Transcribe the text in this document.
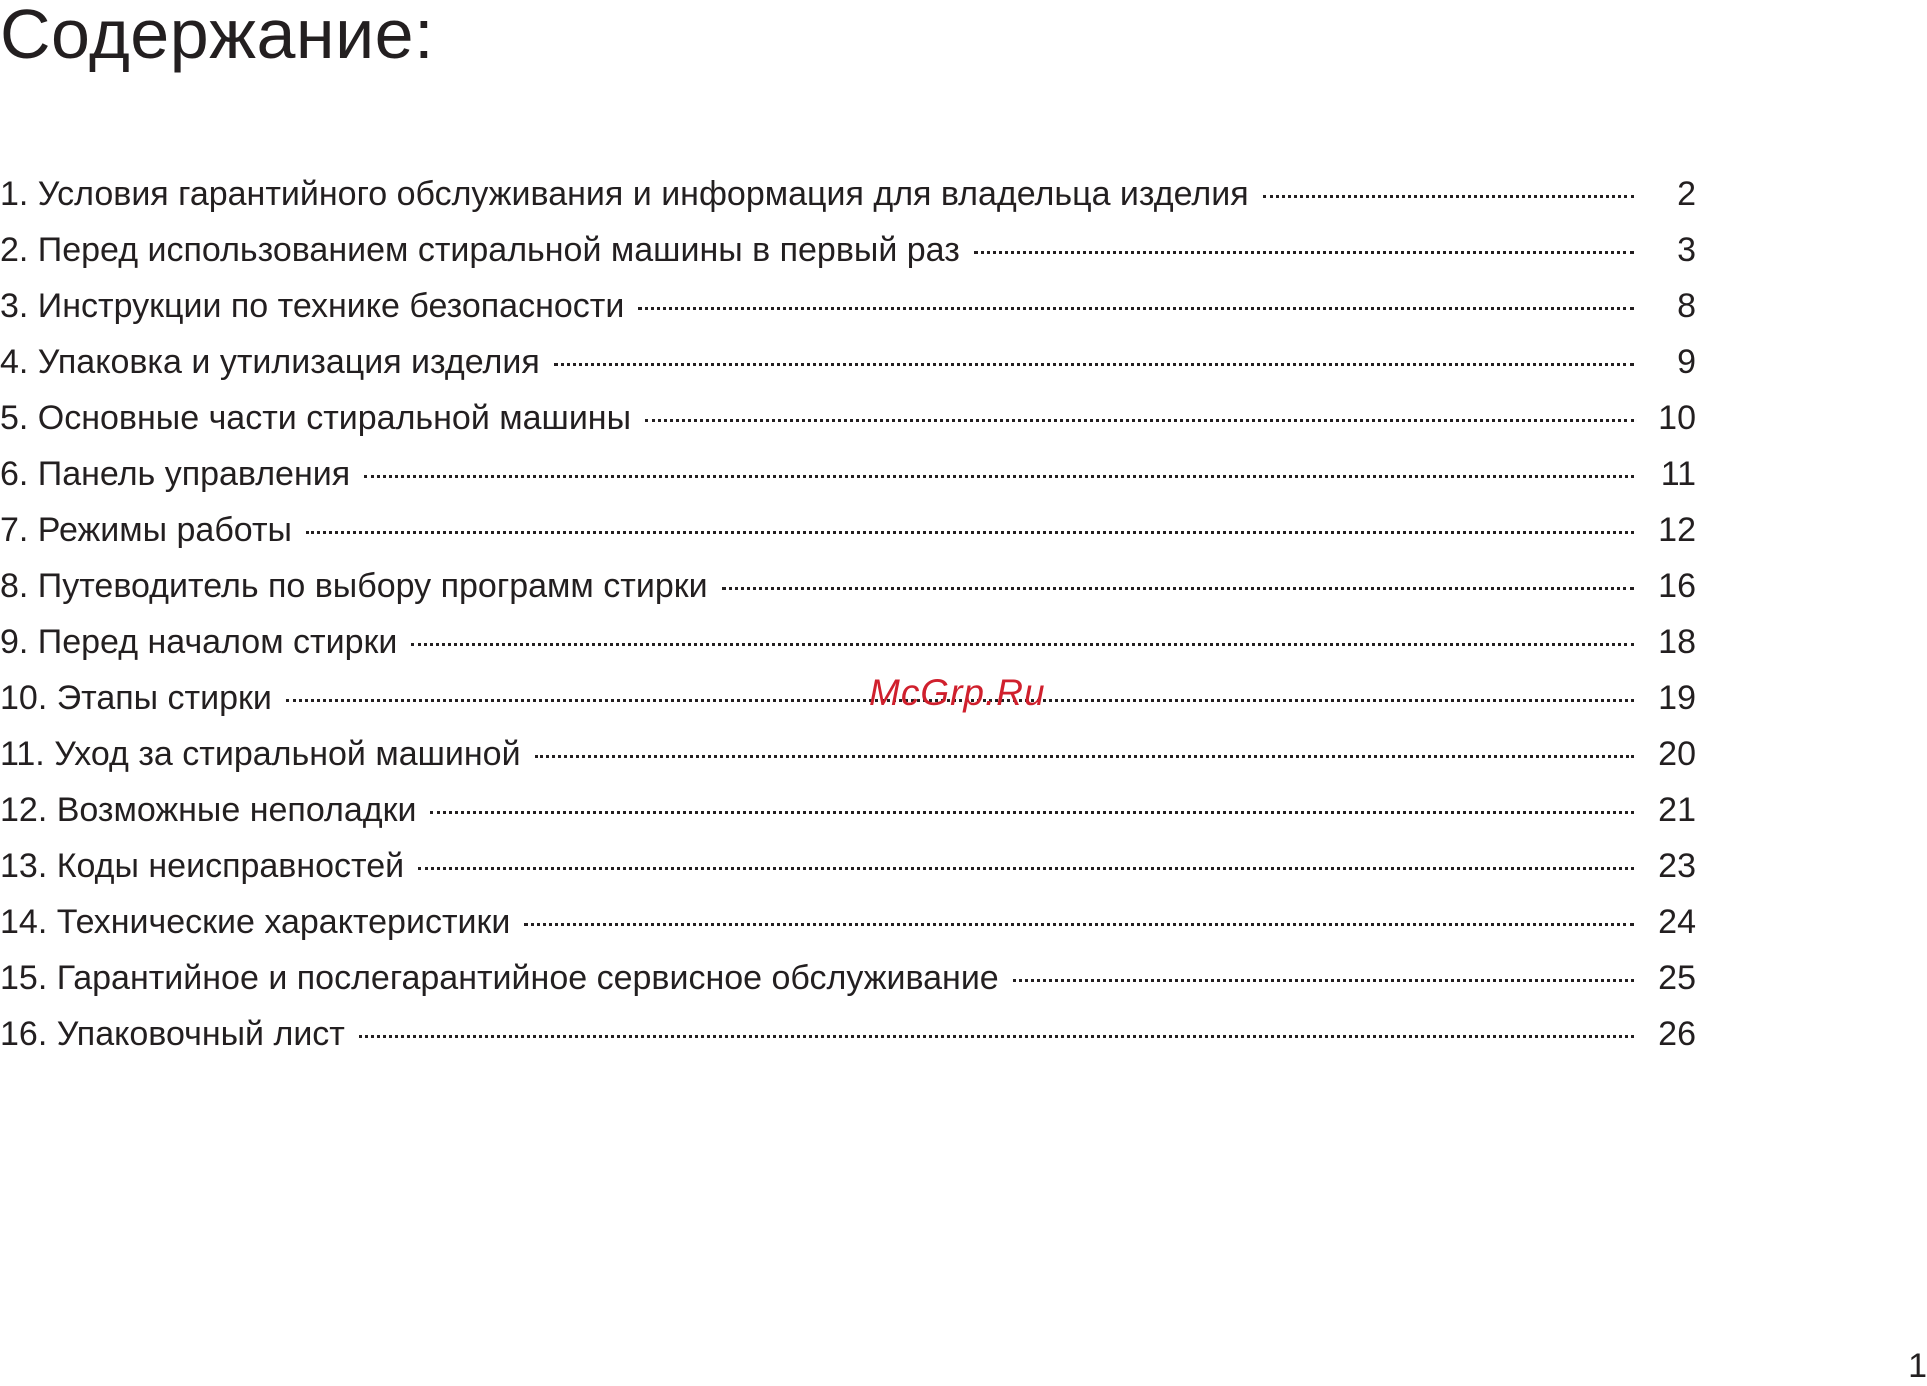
Содержание:
1. Условия гарантийного обслуживания и информация для владельца изделия	2
2. Перед использованием стиральной машины в первый раз	3
3. Инструкции по технике безопасности	8
4. Упаковка и утилизация изделия	9
5. Основные части стиральной машины	10
6. Панель управления	11
7. Режимы работы	12
8. Путеводитель по выбору программ стирки	16
9. Перед началом стирки	18
10. Этапы стирки	19
11. Уход за стиральной машиной	20
12. Возможные неполадки	21
13. Коды неисправностей	23
14. Технические характеристики	24
15. Гарантийное и послегарантийное сервисное обслуживание	25
16. Упаковочный лист	26
McGrp.Ru
1
